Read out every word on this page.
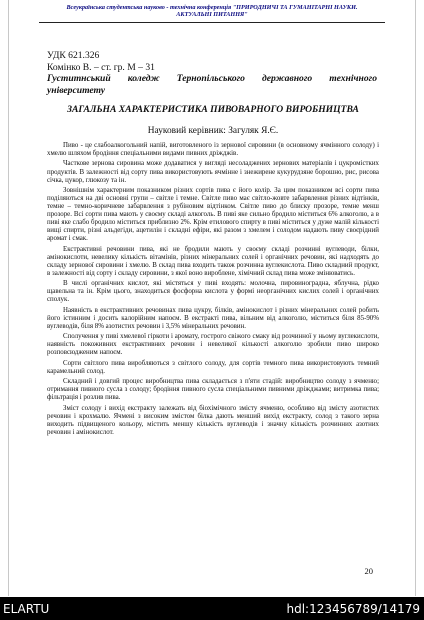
Всеукраїнська студентська науково - технічна конференція "ПРИРОДНИЧІ ТА ГУМАНІТАРНІ НАУКИ.
АКТУАЛЬНІ ПИТАННЯ"
УДК 621.326
Комінко В. – ст. гр. М – 31
Густитнський коледж Тернопільського державного технічного університету
ЗАГАЛЬНА ХАРАКТЕРИСТИКА ПИВОВАРНОГО ВИРОБНИЦТВА
Науковий керівник: Загуляк Я.Є.

Пиво - це слабоалкогольний напій, виготовленого із зернової сировини (в основному ячмінного солоду) і хмелю шляхом бродіння спеціальними видами пивних дріжджів.

Часткове зернова сировина може додаватися у вигляді несоладжених зернових матеріалів і цукромістких продуктів. В залежності від сорту пива використовують ячмінне і знежирене кукурудзяне борошно, рис, рисова січка, цукор, глюкозу та ін.

Зовнішнім характерним показником різних сортів пива є його колір. За цим показником всі сорти пива поділяються на дві основні групи – світле і темне. Світле пиво має світло-жовте забарвлення різних відтінків, темне – темно-коричневе забарвлення з рубіновим відтінком. Світле пиво до блиску прозоре, темне менш прозоре. Всі сорти пива мають у своєму складі алкоголь. В пиві яке сильно бродило міститься 6% алкоголю, а в пиві яке слабо бродило міститься приблизно 2%. Крім етилового спирту в пиві міститься у дуже малій кількості вищі спирти, різні альдегіди, ацетилін і складні ефіри, які разом з хмелем і солодом надають пиву своєрідний аромат і смак.

Екстрактивні речовини пива, які не бродили мають у своєму складі розчинні вуглеводи, білки, амінокислоти, невелику кількість вітамінів, різних мінеральних солей і органічних речовин, які надходять до складу зернової сировини і хмелю. В склад пива входить також розчинна вуглекислота. Пиво складний продукт, в залежності від сорту і складу сировини, з якої воно вироблене, хімічний склад пива може змінюватись.

В числі органічних кислот, які містяться у пиві входять: молочна, пировиноградна, яблучна, рідко щавельна та ін. Крім цього, знаходиться фосфорна кислота у формі неорганічних кислих солей і органічних сполук.

Наявність в екстрактивних речовинах пива цукру, білків, амінокислот і різних мінеральних солей робить його істинним і досить калорійним напоєм. В екстракті пива, вільним від алкоголю, міститься біля 85-90% вуглеводів, біля 8% азотистих речовин і 3,5% мінеральних речовин.

Сполучення у пиві хмелевої гіркоти і аромату, гострого свіжого смаку від розчинної у ньому вуглекислоти, наявність покоживних екстрактивних речовин і невеликої кількості алкоголю зробили пиво широко розповсюдженим напоєм.

Сорти світлого пива виробляються з світлого солоду, для сортів темного пива використовують темний карамельний солод.

Складний і довгий процес виробництва пива складається з п'яти стадій: виробництво солоду з ячменю; отримання пивного сусла з солоду; бродіння пивного сусла спеціальними пивними дріжджами; витримка пива; фільтрація і розлив пива.

Зміст солоду і вихід екстракту залежать від біохімічного змісту ячменю, особливо від змісту азотистих речовин і крохмалю. Ячмені з високим змістом білка дають менший вихід екстракту, солод з такого зерна виходить підвищеного кольору, містить меншу кількість вуглеводів і значну кількість розчинних азотних речовин і амінокислот.

20
ELARTU	hdl:123456789/14179
